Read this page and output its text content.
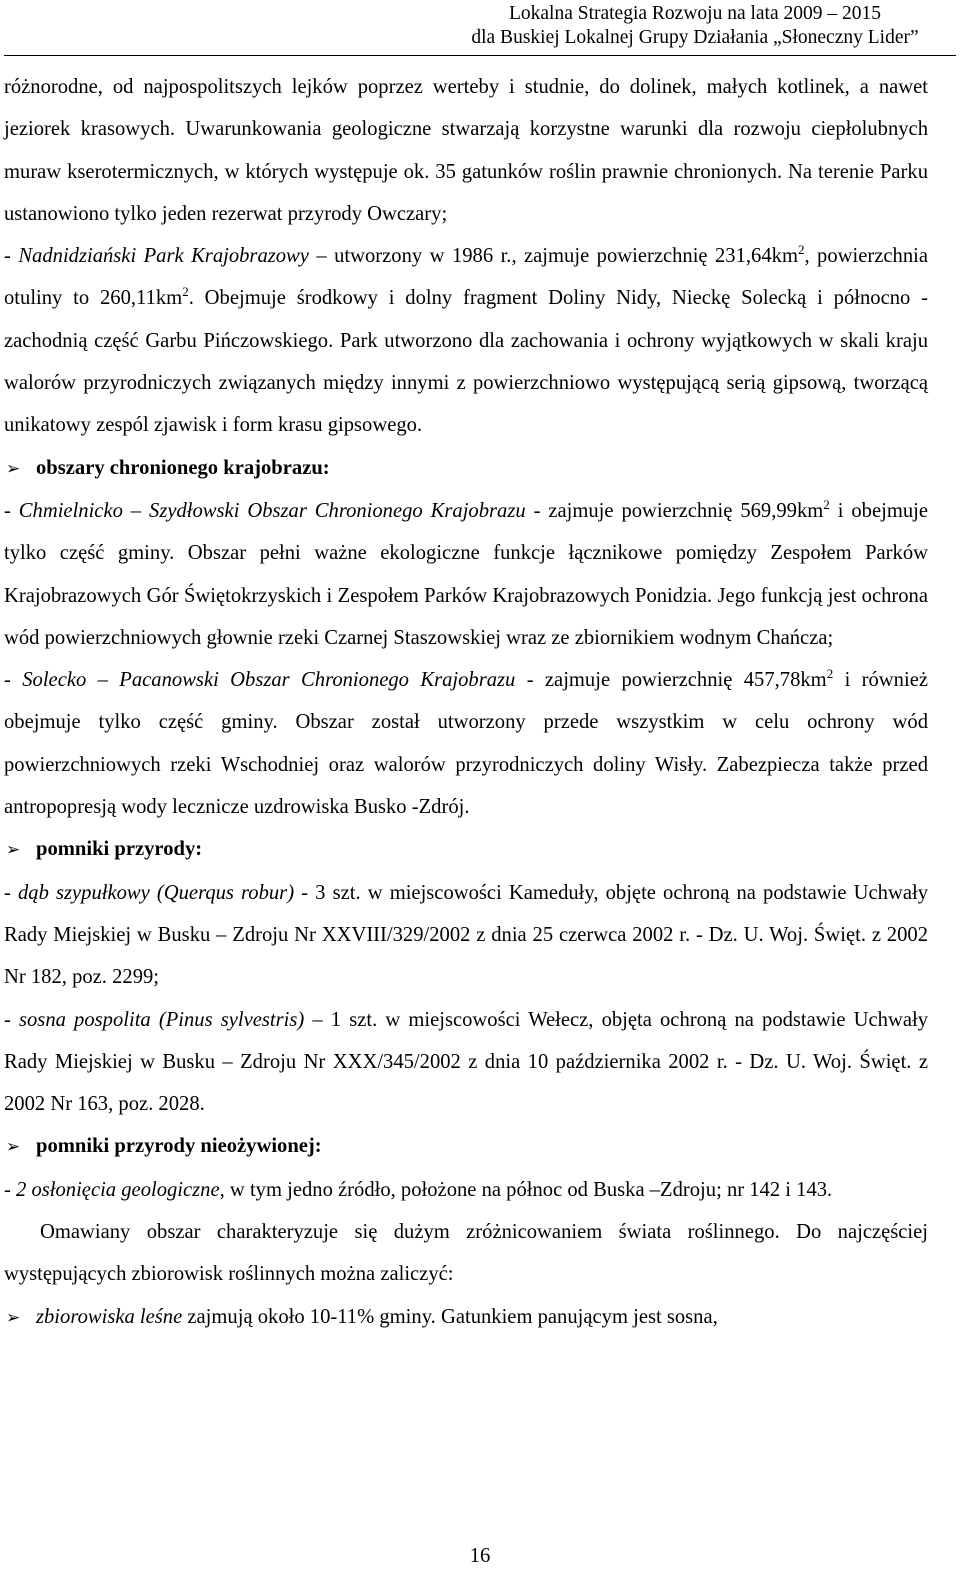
Lokalna Strategia Rozwoju na lata 2009 – 2015
dla Buskiej Lokalnej Grupy Działania „Słoneczny Lider”

różnorodne, od najpospolitszych lejków poprzez werteby i studnie, do dolinek, małych kotlinek, a nawet jeziorek krasowych. Uwarunkowania geologiczne stwarzają korzystne warunki dla rozwoju ciepłolubnych muraw kserotermicznych, w których występuje ok. 35 gatunków roślin prawnie chronionych. Na terenie Parku ustanowiono tylko jeden rezerwat przyrody Owczary;

- Nadnidziański Park Krajobrazowy – utworzony w 1986 r., zajmuje powierzchnię $231,64km^2$, powierzchnia otuliny to $260,11km^2$. Obejmuje środkowy i dolny fragment Doliny Nidy, Nieckę Solecką i północno - zachodnią część Garbu Pińczowskiego. Park utworzono dla zachowania i ochrony wyjątkowych w skali kraju walorów przyrodniczych związanych między innymi z powierzchniowo występującą serią gipsową, tworzącą unikatowy zespól zjawisk i form krasu gipsowego.

➢ obszary chronionego krajobrazu:

- Chmielnicko – Szydłowski Obszar Chronionego Krajobrazu - zajmuje powierzchnię $569,99km^2$ i obejmuje tylko część gminy. Obszar pełni ważne ekologiczne funkcje łącznikowe pomiędzy Zespołem Parków Krajobrazowych Gór Świętokrzyskich i Zespołem Parków Krajobrazowych Ponidzia. Jego funkcją jest ochrona wód powierzchniowych głownie rzeki Czarnej Staszowskiej wraz ze zbiornikiem wodnym Chańcza;

- Solecko – Pacanowski Obszar Chronionego Krajobrazu - zajmuje powierzchnię $457,78km^2$ i również obejmuje tylko część gminy. Obszar został utworzony przede wszystkim w celu ochrony wód powierzchniowych rzeki Wschodniej oraz walorów przyrodniczych doliny Wisły. Zabezpiecza także przed antropopresją wody lecznicze uzdrowiska Busko -Zdrój.

➢ pomniki przyrody:

- dąb szypułkowy (Querqus robur) - 3 szt. w miejscowości Kameduły, objęte ochroną na podstawie Uchwały Rady Miejskiej w Busku – Zdroju Nr XXVIII/329/2002 z dnia 25 czerwca 2002 r. - Dz. U. Woj. Święt. z 2002 Nr 182, poz. 2299;

- sosna pospolita (Pinus sylvestris) – 1 szt. w miejscowości Wełecz, objęta ochroną na podstawie Uchwały Rady Miejskiej w Busku – Zdroju Nr XXX/345/2002 z dnia 10 października 2002 r. - Dz. U. Woj. Święt. z 2002 Nr 163, poz. 2028.

➢ pomniki przyrody nieożywionej:

- 2 osłonięcia geologiczne, w tym jedno źródło, położone na północ od Buska –Zdroju; nr 142 i 143.

Omawiany obszar charakteryzuje się dużym zróżnicowaniem świata roślinnego. Do najczęściej występujących zbiorowisk roślinnych można zaliczyć:

➢ zbiorowiska leśne zajmują około 10-11% gminy. Gatunkiem panującym jest sosna,
16
